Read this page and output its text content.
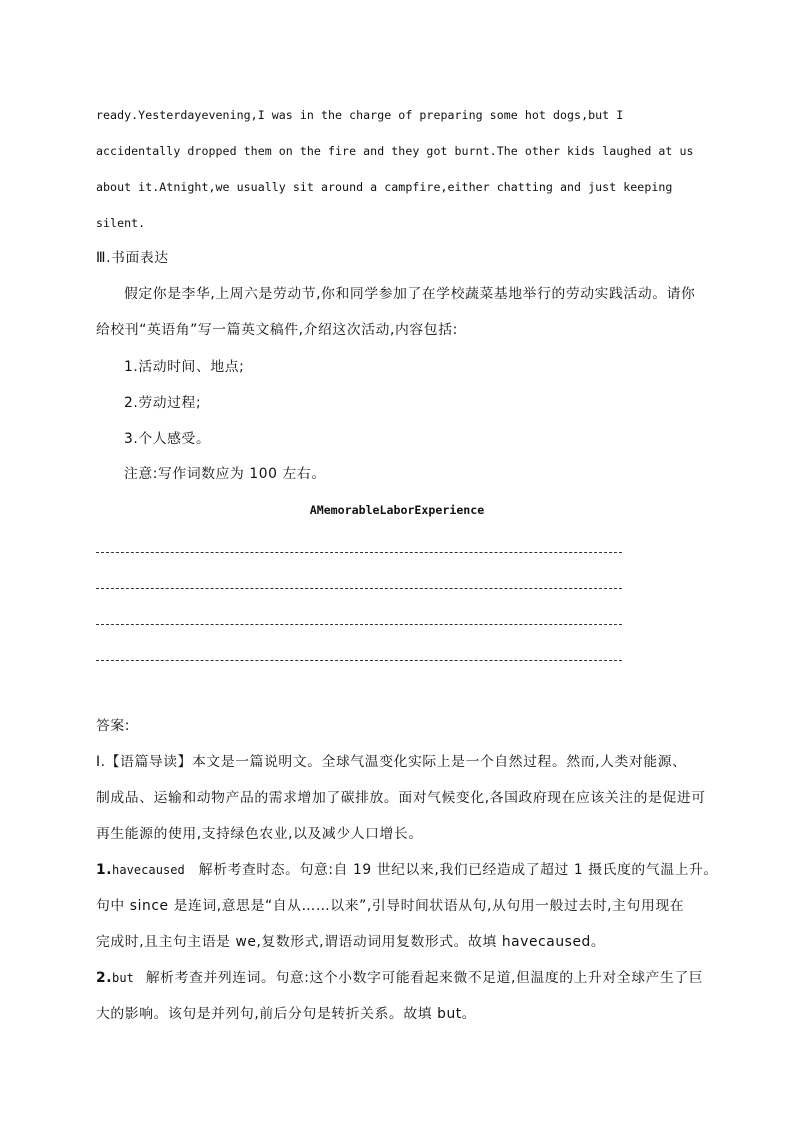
ready.Yesterdayevening,I was in the charge of preparing some hot dogs,but I
accidentally dropped them on the fire and they got burnt.The other kids laughed at us
about it.Atnight,we usually sit around a campfire,either chatting and just keeping
silent.
Ⅲ.书面表达
假定你是李华,上周六是劳动节,你和同学参加了在学校蔬菜基地举行的劳动实践活动。请你
给校刊“英语角”写一篇英文稿件,介绍这次活动,内容包括:
1.活动时间、地点;
2.劳动过程;
3.个人感受。
注意:写作词数应为 100 左右。
AMemorableLaborExperience
答案:
Ⅰ.【语篇导读】本文是一篇说明文。全球气温变化实际上是一个自然过程。然而,人类对能源、
制成品、运输和动物产品的需求增加了碳排放。面对气候变化,各国政府现在应该关注的是促进可
再生能源的使用,支持绿色农业,以及减少人口增长。
1.havecaused 解析考查时态。句意:自 19 世纪以来,我们已经造成了超过 1 摄氏度的气温上升。
句中 since 是连词,意思是“自从……以来”,引导时间状语从句,从句用一般过去时,主句用现在
完成时,且主句主语是 we,复数形式,谓语动词用复数形式。故填 havecaused。
2.but 解析考查并列连词。句意:这个小数字可能看起来微不足道,但温度的上升对全球产生了巨
大的影响。该句是并列句,前后分句是转折关系。故填 but。
